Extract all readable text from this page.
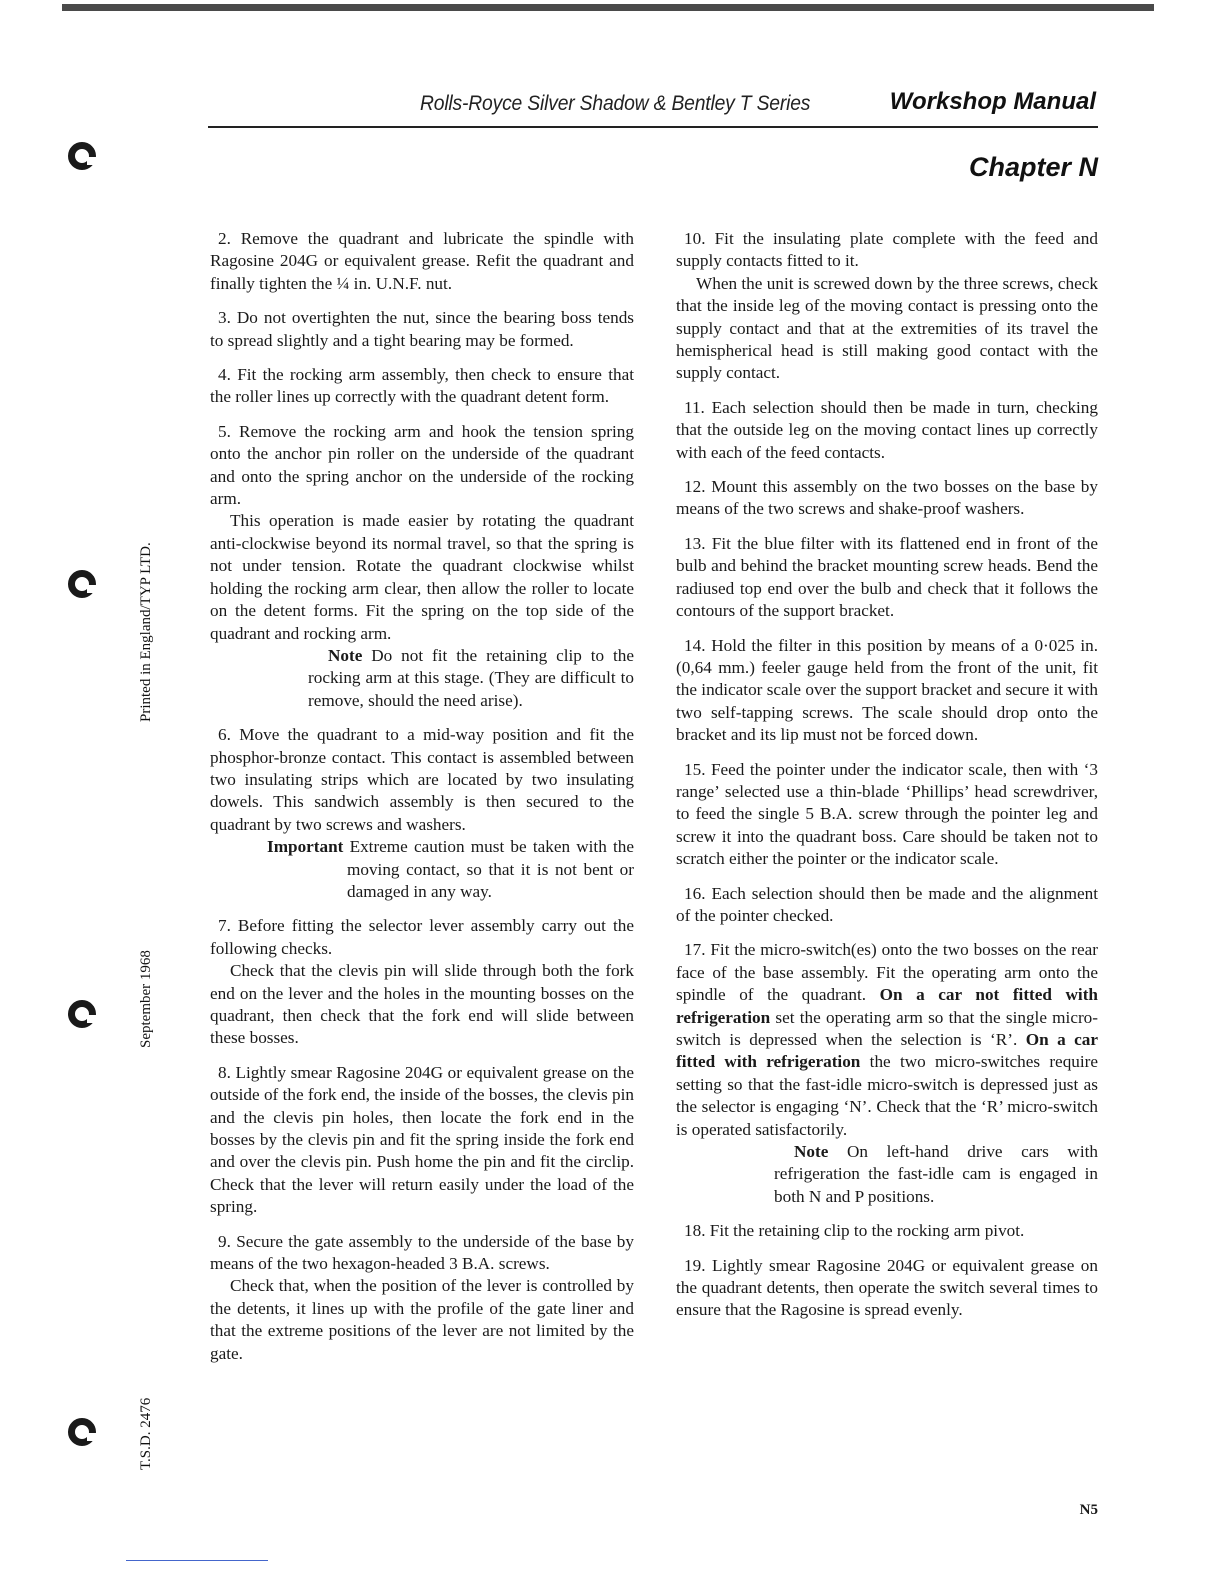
Rolls-Royce Silver Shadow & Bentley T Series	Workshop Manual
Chapter N
Printed in England/TYP LTD.
September 1968
T.S.D. 2476

2. Remove the quadrant and lubricate the spindle with Ragosine 204G or equivalent grease. Refit the quadrant and finally tighten the ¼ in. U.N.F. nut.

3. Do not overtighten the nut, since the bearing boss tends to spread slightly and a tight bearing may be formed.

4. Fit the rocking arm assembly, then check to ensure that the roller lines up correctly with the quadrant detent form.

5. Remove the rocking arm and hook the tension spring onto the anchor pin roller on the underside of the quadrant and onto the spring anchor on the underside of the rocking arm.

This operation is made easier by rotating the quadrant anti-clockwise beyond its normal travel, so that the spring is not under tension. Rotate the quadrant clockwise whilst holding the rocking arm clear, then allow the roller to locate on the detent forms. Fit the spring on the top side of the quadrant and rocking arm.

Note Do not fit the retaining clip to the rocking arm at this stage. (They are difficult to remove, should the need arise).

6. Move the quadrant to a mid-way position and fit the phosphor-bronze contact. This contact is assembled between two insulating strips which are located by two insulating dowels. This sandwich assembly is then secured to the quadrant by two screws and washers.

Important Extreme caution must be taken with the moving contact, so that it is not bent or damaged in any way.

7. Before fitting the selector lever assembly carry out the following checks.

Check that the clevis pin will slide through both the fork end on the lever and the holes in the mounting bosses on the quadrant, then check that the fork end will slide between these bosses.

8. Lightly smear Ragosine 204G or equivalent grease on the outside of the fork end, the inside of the bosses, the clevis pin and the clevis pin holes, then locate the fork end in the bosses by the clevis pin and fit the spring inside the fork end and over the clevis pin. Push home the pin and fit the circlip. Check that the lever will return easily under the load of the spring.

9. Secure the gate assembly to the underside of the base by means of the two hexagon-headed 3 B.A. screws.

Check that, when the position of the lever is controlled by the detents, it lines up with the profile of the gate liner and that the extreme positions of the lever are not limited by the gate.

10. Fit the insulating plate complete with the feed and supply contacts fitted to it.

When the unit is screwed down by the three screws, check that the inside leg of the moving contact is pressing onto the supply contact and that at the extremities of its travel the hemispherical head is still making good contact with the supply contact.

11. Each selection should then be made in turn, checking that the outside leg on the moving contact lines up correctly with each of the feed contacts.

12. Mount this assembly on the two bosses on the base by means of the two screws and shake-proof washers.

13. Fit the blue filter with its flattened end in front of the bulb and behind the bracket mounting screw heads. Bend the radiused top end over the bulb and check that it follows the contours of the support bracket.

14. Hold the filter in this position by means of a 0·025 in. (0,64 mm.) feeler gauge held from the front of the unit, fit the indicator scale over the support bracket and secure it with two self-tapping screws. The scale should drop onto the bracket and its lip must not be forced down.

15. Feed the pointer under the indicator scale, then with ‘3 range’ selected use a thin-blade ‘Phillips’ head screwdriver, to feed the single 5 B.A. screw through the pointer leg and screw it into the quadrant boss. Care should be taken not to scratch either the pointer or the indicator scale.

16. Each selection should then be made and the alignment of the pointer checked.

17. Fit the micro-switch(es) onto the two bosses on the rear face of the base assembly. Fit the operating arm onto the spindle of the quadrant. On a car not fitted with refrigeration set the operating arm so that the single micro-switch is depressed when the selection is ‘R’. On a car fitted with refrigeration the two micro-switches require setting so that the fast-idle micro-switch is depressed just as the selector is engaging ‘N’. Check that the ‘R’ micro-switch is operated satisfactorily.

Note On left-hand drive cars with refrigeration the fast-idle cam is engaged in both N and P positions.

18. Fit the retaining clip to the rocking arm pivot.

19. Lightly smear Ragosine 204G or equivalent grease on the quadrant detents, then operate the switch several times to ensure that the Ragosine is spread evenly.

N5
